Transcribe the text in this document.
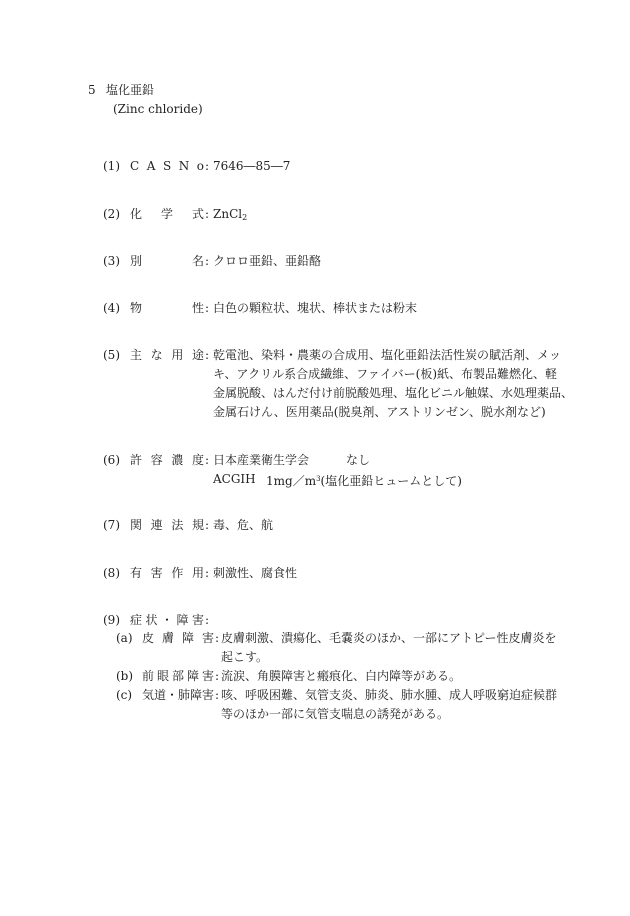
5 塩化亜鉛
(Zinc chloride)
(1) C A S N o : 7646―85―7
(2) 化学式 : ZnCl$_2$
(3) 別名 : クロロ亜鉛、亜鉛酪
(4) 物性 : 白色の顆粒状、塊状、棒状または粉末
(5) 主な用途 : 乾電池、染料・農薬の合成用、塩化亜鉛法活性炭の賦活剤、メッ
キ、アクリル系合成繊維、ファイバー(板)紙、布製品難燃化、軽
金属脱酸、はんだ付け前脱酸処理、塩化ビニル触媒、水処理薬品、
金属石けん、医用薬品(脱臭剤、アストリンゼン、脱水剤など)
(6) 許容濃度 : 日本産業衛生学会	なし
ACGIH $1mg/m^3$(塩化亜鉛ヒュームとして)
(7) 関連法規 : 毒、危、航
(8) 有害作用 : 刺激性、腐食性
(9) 症状・障害 :
(a) 皮膚障害 : 皮膚刺激、潰瘍化、毛嚢炎のほか、一部にアトピー性皮膚炎を
起こす。
(b) 前眼部障害 : 流涙、角膜障害と瘢痕化、白内障等がある。
(c) 気道・肺障害 : 咳、呼吸困難、気管支炎、肺炎、肺水腫、成人呼吸窮迫症候群
等のほか一部に気管支喘息の誘発がある。
